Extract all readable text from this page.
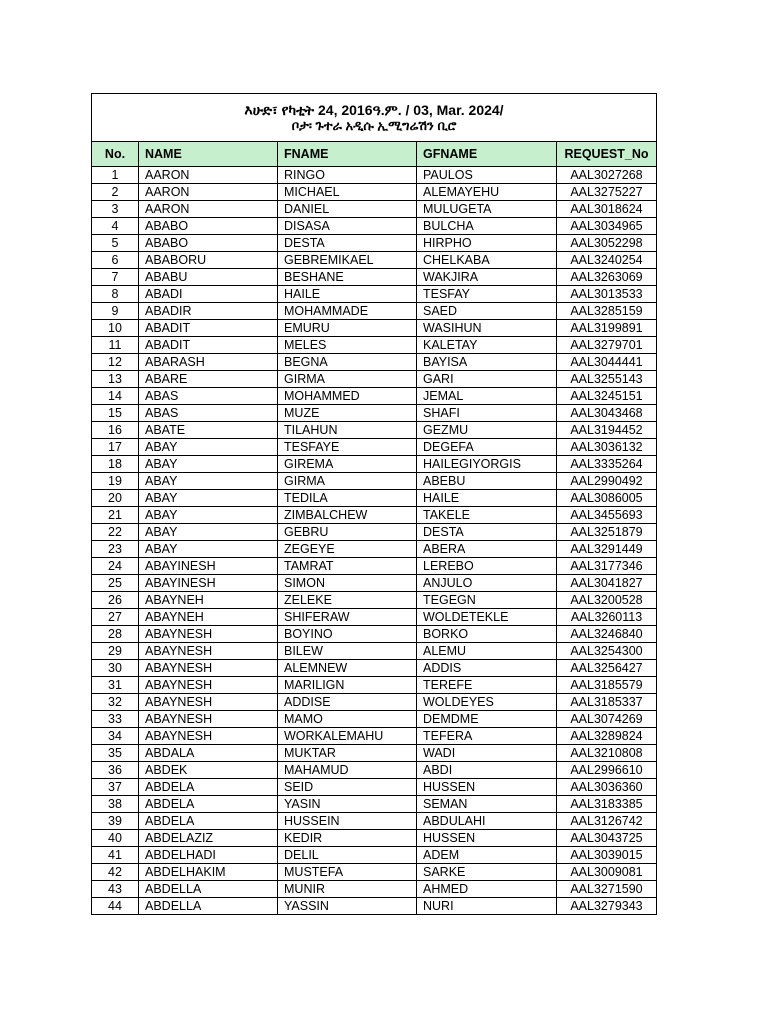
እሁድ፣ የካቲት 24, 2016ዓ.ም. / 03, Mar. 2024/
ቦታ፡ ጉተራ አዲሱ ኢሚግሬሽን ቢሮ				

No.	NAME	FNAME	GFNAME	REQUEST_No
1	AARON	RINGO	PAULOS	AAL3027268
2	AARON	MICHAEL	ALEMAYEHU	AAL3275227
3	AARON	DANIEL	MULUGETA	AAL3018624
4	ABABO	DISASA	BULCHA	AAL3034965
5	ABABO	DESTA	HIRPHO	AAL3052298
6	ABABORU	GEBREMIKAEL	CHELKABA	AAL3240254
7	ABABU	BESHANE	WAKJIRA	AAL3263069
8	ABADI	HAILE	TESFAY	AAL3013533
9	ABADIR	MOHAMMADE	SAED	AAL3285159
10	ABADIT	EMURU	WASIHUN	AAL3199891
11	ABADIT	MELES	KALETAY	AAL3279701
12	ABARASH	BEGNA	BAYISA	AAL3044441
13	ABARE	GIRMA	GARI	AAL3255143
14	ABAS	MOHAMMED	JEMAL	AAL3245151
15	ABAS	MUZE	SHAFI	AAL3043468
16	ABATE	TILAHUN	GEZMU	AAL3194452
17	ABAY	TESFAYE	DEGEFA	AAL3036132
18	ABAY	GIREMA	HAILEGIYORGIS	AAL3335264
19	ABAY	GIRMA	ABEBU	AAL2990492
20	ABAY	TEDILA	HAILE	AAL3086005
21	ABAY	ZIMBALCHEW	TAKELE	AAL3455693
22	ABAY	GEBRU	DESTA	AAL3251879
23	ABAY	ZEGEYE	ABERA	AAL3291449
24	ABAYINESH	TAMRAT	LEREBO	AAL3177346
25	ABAYINESH	SIMON	ANJULO	AAL3041827
26	ABAYNEH	ZELEKE	TEGEGN	AAL3200528
27	ABAYNEH	SHIFERAW	WOLDETEKLE	AAL3260113
28	ABAYNESH	BOYINO	BORKO	AAL3246840
29	ABAYNESH	BILEW	ALEMU	AAL3254300
30	ABAYNESH	ALEMNEW	ADDIS	AAL3256427
31	ABAYNESH	MARILIGN	TEREFE	AAL3185579
32	ABAYNESH	ADDISE	WOLDEYES	AAL3185337
33	ABAYNESH	MAMO	DEMDME	AAL3074269
34	ABAYNESH	WORKALEMAHU	TEFERA	AAL3289824
35	ABDALA	MUKTAR	WADI	AAL3210808
36	ABDEK	MAHAMUD	ABDI	AAL2996610
37	ABDELA	SEID	HUSSEN	AAL3036360
38	ABDELA	YASIN	SEMAN	AAL3183385
39	ABDELA	HUSSEIN	ABDULAHI	AAL3126742
40	ABDELAZIZ	KEDIR	HUSSEN	AAL3043725
41	ABDELHADI	DELIL	ADEM	AAL3039015
42	ABDELHAKIM	MUSTEFA	SARKE	AAL3009081
43	ABDELLA	MUNIR	AHMED	AAL3271590
44	ABDELLA	YASSIN	NURI	AAL3279343
